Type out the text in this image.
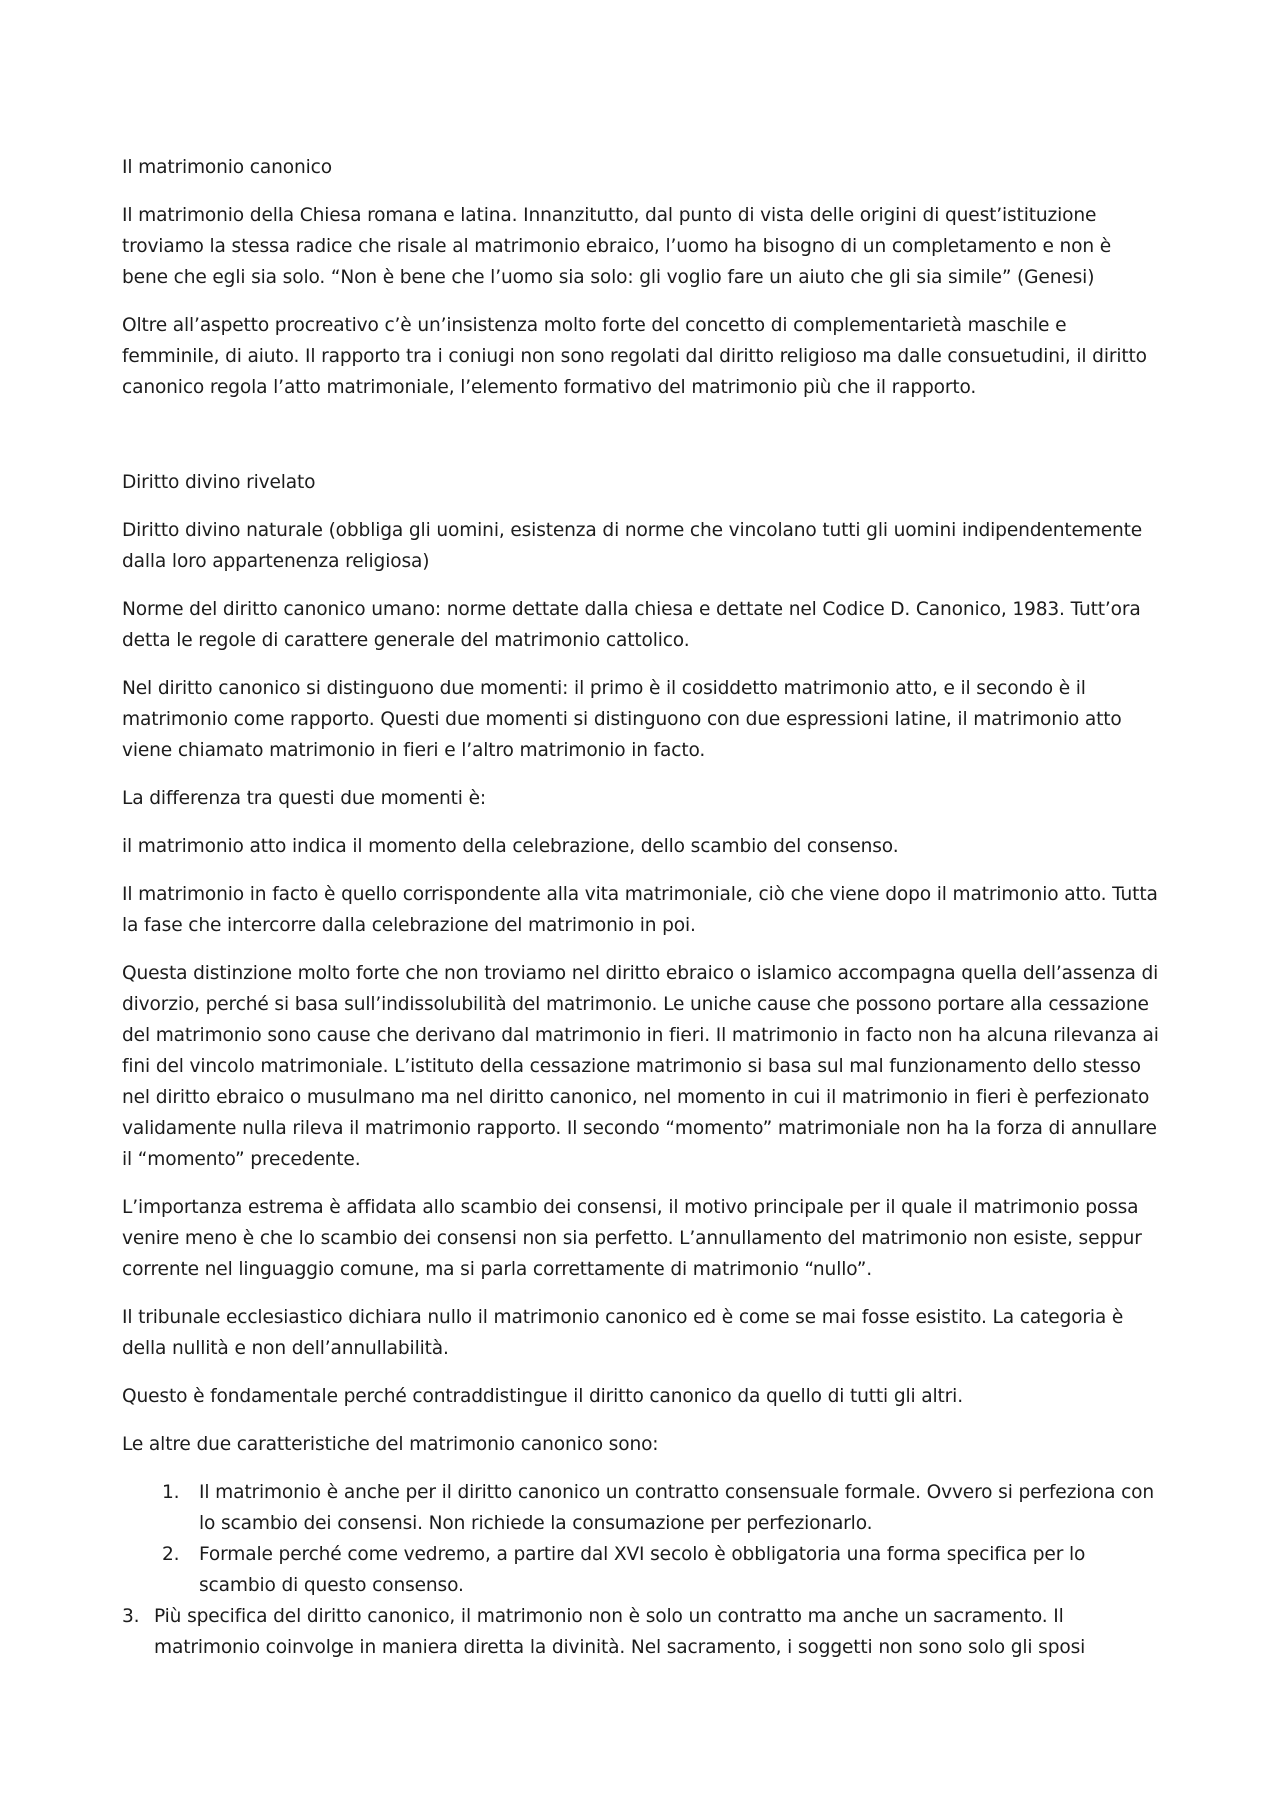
Il matrimonio canonico

Il matrimonio della Chiesa romana e latina. Innanzitutto, dal punto di vista delle origini di quest’istituzione troviamo la stessa radice che risale al matrimonio ebraico, l’uomo ha bisogno di un completamento e non è bene che egli sia solo. “Non è bene che l’uomo sia solo: gli voglio fare un aiuto che gli sia simile” (Genesi)

Oltre all’aspetto procreativo c’è un’insistenza molto forte del concetto di complementarietà maschile e femminile, di aiuto. Il rapporto tra i coniugi non sono regolati dal diritto religioso ma dalle consuetudini, il diritto canonico regola l’atto matrimoniale, l’elemento formativo del matrimonio più che il rapporto.

Diritto divino rivelato

Diritto divino naturale (obbliga gli uomini, esistenza di norme che vincolano tutti gli uomini indipendentemente dalla loro appartenenza religiosa)

Norme del diritto canonico umano: norme dettate dalla chiesa e dettate nel Codice D. Canonico, 1983. Tutt’ora detta le regole di carattere generale del matrimonio cattolico.

Nel diritto canonico si distinguono due momenti: il primo è il cosiddetto matrimonio atto, e il secondo è il matrimonio come rapporto. Questi due momenti si distinguono con due espressioni latine, il matrimonio atto viene chiamato matrimonio in fieri e l’altro matrimonio in facto.

La differenza tra questi due momenti è:

il matrimonio atto indica il momento della celebrazione, dello scambio del consenso.

Il matrimonio in facto è quello corrispondente alla vita matrimoniale, ciò che viene dopo il matrimonio atto. Tutta la fase che intercorre dalla celebrazione del matrimonio in poi.

Questa distinzione molto forte che non troviamo nel diritto ebraico o islamico accompagna quella dell’assenza di divorzio, perché si basa sull’indissolubilità del matrimonio. Le uniche cause che possono portare alla cessazione del matrimonio sono cause che derivano dal matrimonio in fieri. Il matrimonio in facto non ha alcuna rilevanza ai fini del vincolo matrimoniale. L’istituto della cessazione matrimonio si basa sul mal funzionamento dello stesso nel diritto ebraico o musulmano ma nel diritto canonico, nel momento in cui il matrimonio in fieri è perfezionato validamente nulla rileva il matrimonio rapporto. Il secondo “momento” matrimoniale non ha la forza di annullare il “momento” precedente.

L’importanza estrema è affidata allo scambio dei consensi, il motivo principale per il quale il matrimonio possa venire meno è che lo scambio dei consensi non sia perfetto. L’annullamento del matrimonio non esiste, seppur corrente nel linguaggio comune, ma si parla correttamente di matrimonio “nullo”.

Il tribunale ecclesiastico dichiara nullo il matrimonio canonico ed è come se mai fosse esistito. La categoria è della nullità e non dell’annullabilità.

Questo è fondamentale perché contraddistingue il diritto canonico da quello di tutti gli altri.

Le altre due caratteristiche del matrimonio canonico sono:

1. Il matrimonio è anche per il diritto canonico un contratto consensuale formale. Ovvero si perfeziona con lo scambio dei consensi. Non richiede la consumazione per perfezionarlo.
2. Formale perché come vedremo, a partire dal XVI secolo è obbligatoria una forma specifica per lo scambio di questo consenso.
3. Più specifica del diritto canonico, il matrimonio non è solo un contratto ma anche un sacramento. Il matrimonio coinvolge in maniera diretta la divinità. Nel sacramento, i soggetti non sono solo gli sposi
